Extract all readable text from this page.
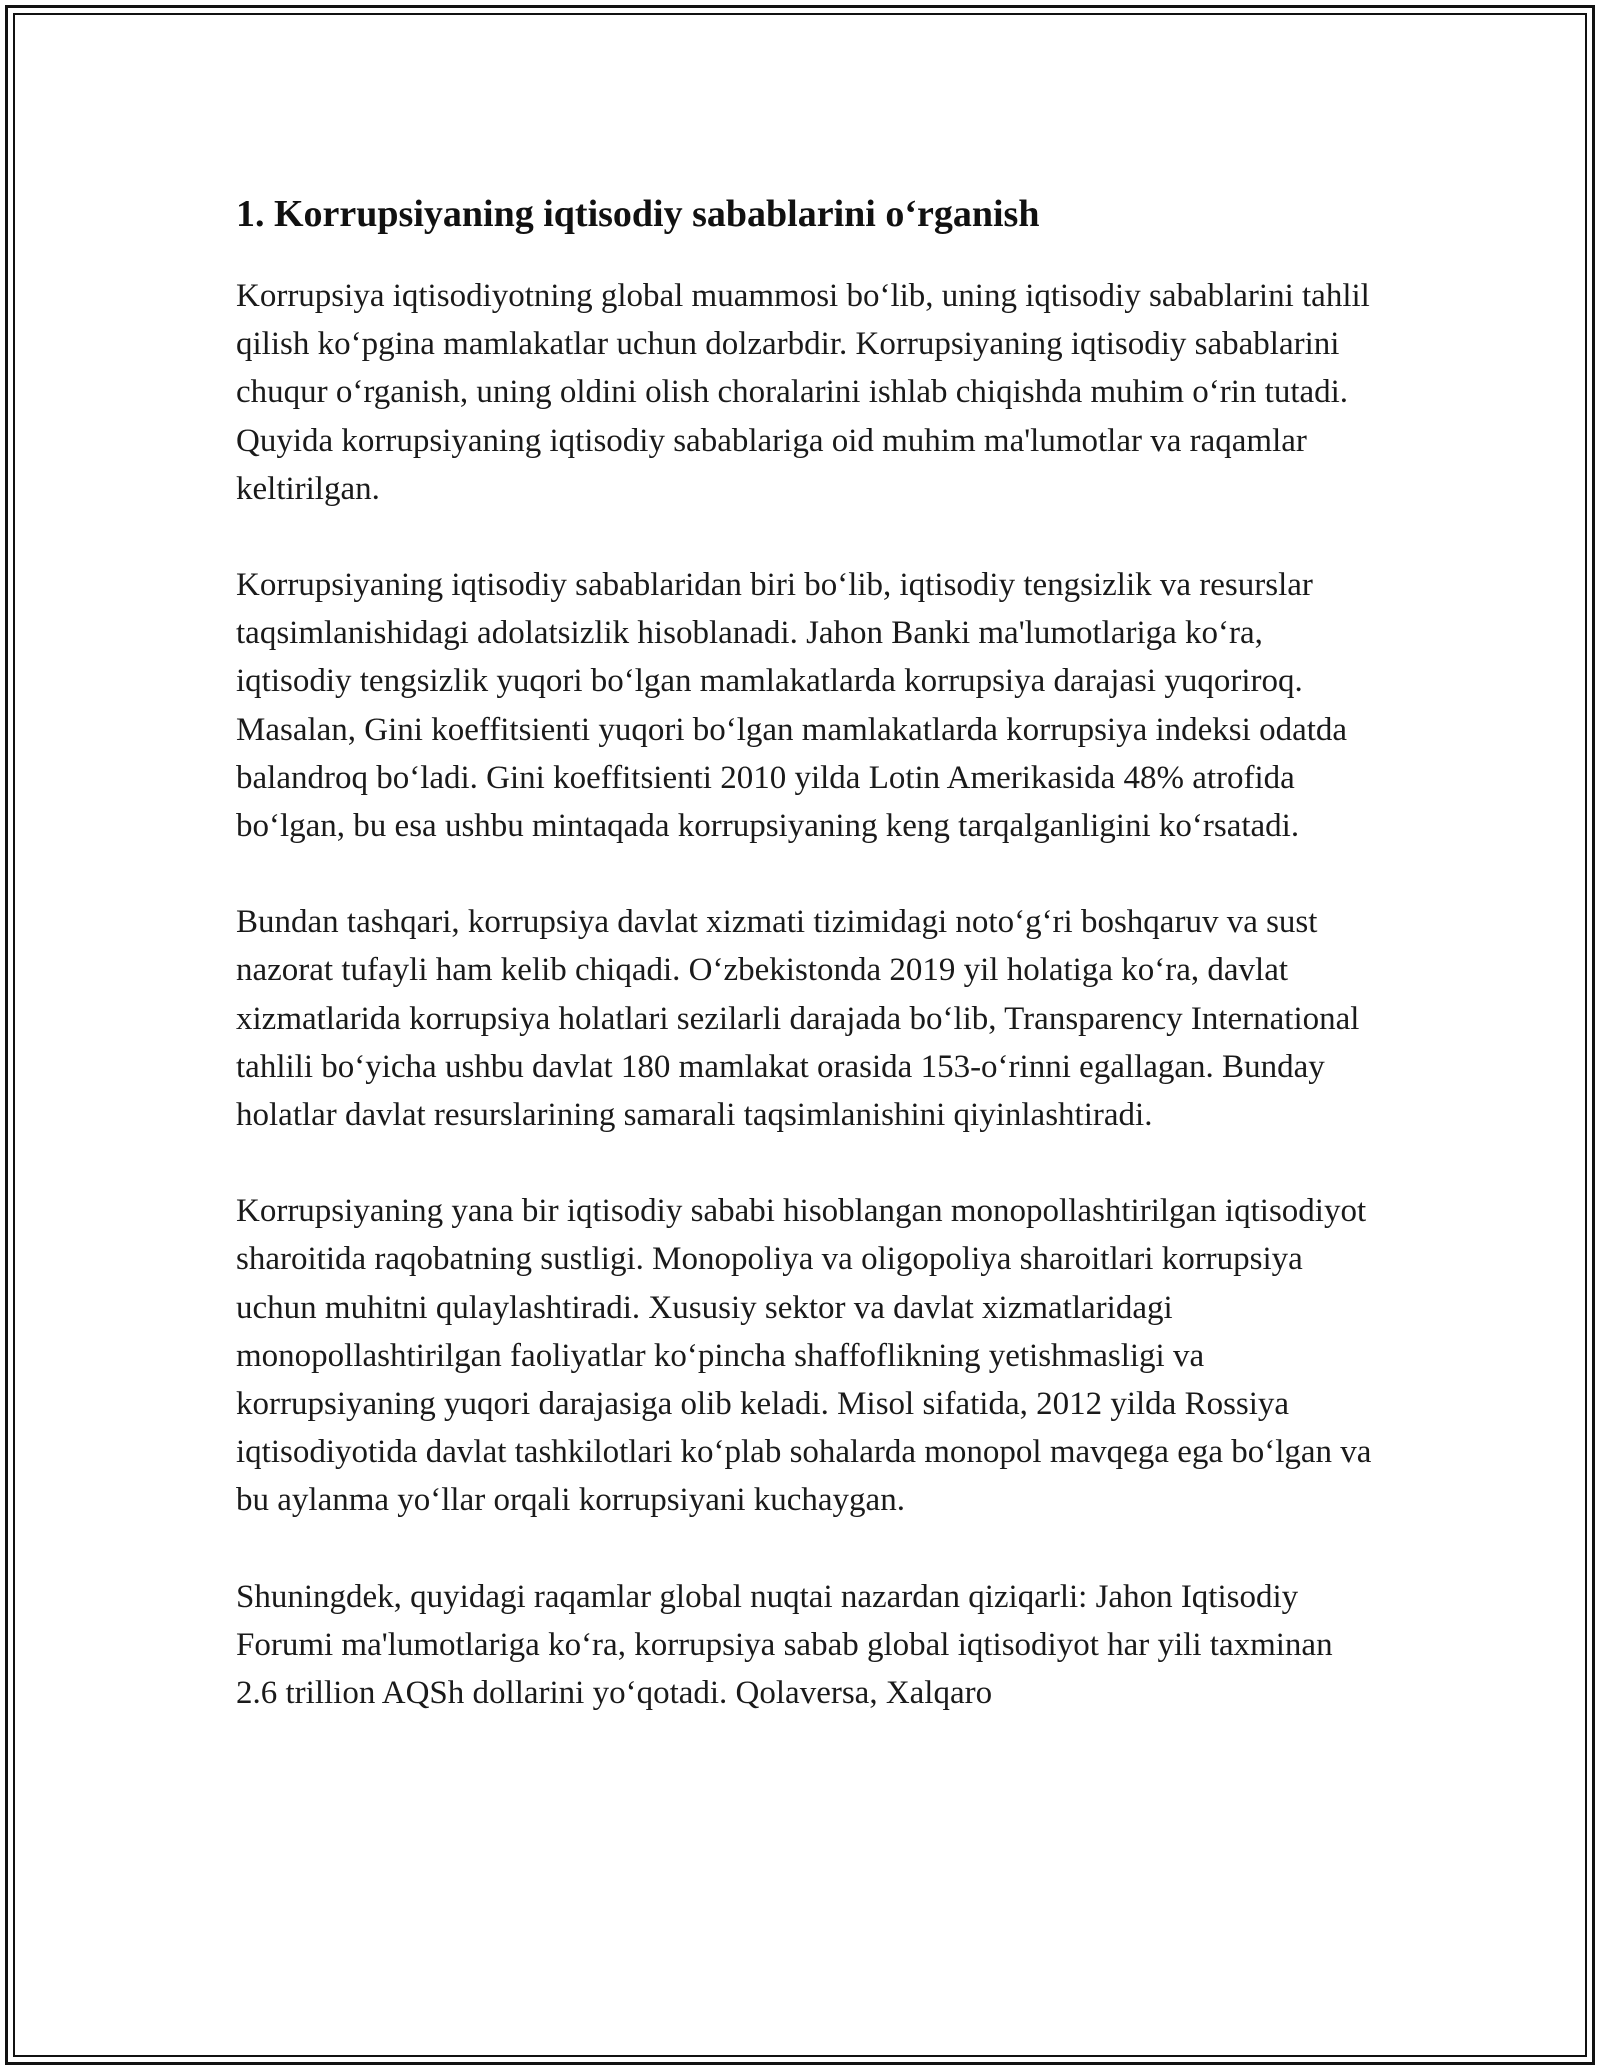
1. Korrupsiyaning iqtisodiy sabablarini o‘rganish

Korrupsiya iqtisodiyotning global muammosi bo‘lib, uning iqtisodiy sabablarini tahlil qilish ko‘pgina mamlakatlar uchun dolzarbdir. Korrupsiyaning iqtisodiy sabablarini chuqur o‘rganish, uning oldini olish choralarini ishlab chiqishda muhim o‘rin tutadi. Quyida korrupsiyaning iqtisodiy sabablariga oid muhim ma'lumotlar va raqamlar keltirilgan.

Korrupsiyaning iqtisodiy sabablaridan biri bo‘lib, iqtisodiy tengsizlik va resurslar taqsimlanishidagi adolatsizlik hisoblanadi. Jahon Banki ma'lumotlariga ko‘ra, iqtisodiy tengsizlik yuqori bo‘lgan mamlakatlarda korrupsiya darajasi yuqoriroq. Masalan, Gini koeffitsienti yuqori bo‘lgan mamlakatlarda korrupsiya indeksi odatda balandroq bo‘ladi. Gini koeffitsienti 2010 yilda Lotin Amerikasida 48% atrofida bo‘lgan, bu esa ushbu mintaqada korrupsiyaning keng tarqalganligini ko‘rsatadi.

Bundan tashqari, korrupsiya davlat xizmati tizimidagi noto‘g‘ri boshqaruv va sust nazorat tufayli ham kelib chiqadi. O‘zbekistonda 2019 yil holatiga ko‘ra, davlat xizmatlarida korrupsiya holatlari sezilarli darajada bo‘lib, Transparency International tahlili bo‘yicha ushbu davlat 180 mamlakat orasida 153-o‘rinni egallagan. Bunday holatlar davlat resurslarining samarali taqsimlanishini qiyinlashtiradi.

Korrupsiyaning yana bir iqtisodiy sababi hisoblangan monopollashtirilgan iqtisodiyot sharoitida raqobatning sustligi. Monopoliya va oligopoliya sharoitlari korrupsiya uchun muhitni qulaylashtiradi. Xususiy sektor va davlat xizmatlaridagi monopollashtirilgan faoliyatlar ko‘pincha shaffoflikning yetishmasligi va korrupsiyaning yuqori darajasiga olib keladi. Misol sifatida, 2012 yilda Rossiya iqtisodiyotida davlat tashkilotlari ko‘plab sohalarda monopol mavqega ega bo‘lgan va bu aylanma yo‘llar orqali korrupsiyani kuchaygan.

Shuningdek, quyidagi raqamlar global nuqtai nazardan qiziqarli: Jahon Iqtisodiy Forumi ma'lumotlariga ko‘ra, korrupsiya sabab global iqtisodiyot har yili taxminan 2.6 trillion AQSh dollarini yo‘qotadi. Qolaversa, Xalqaro
